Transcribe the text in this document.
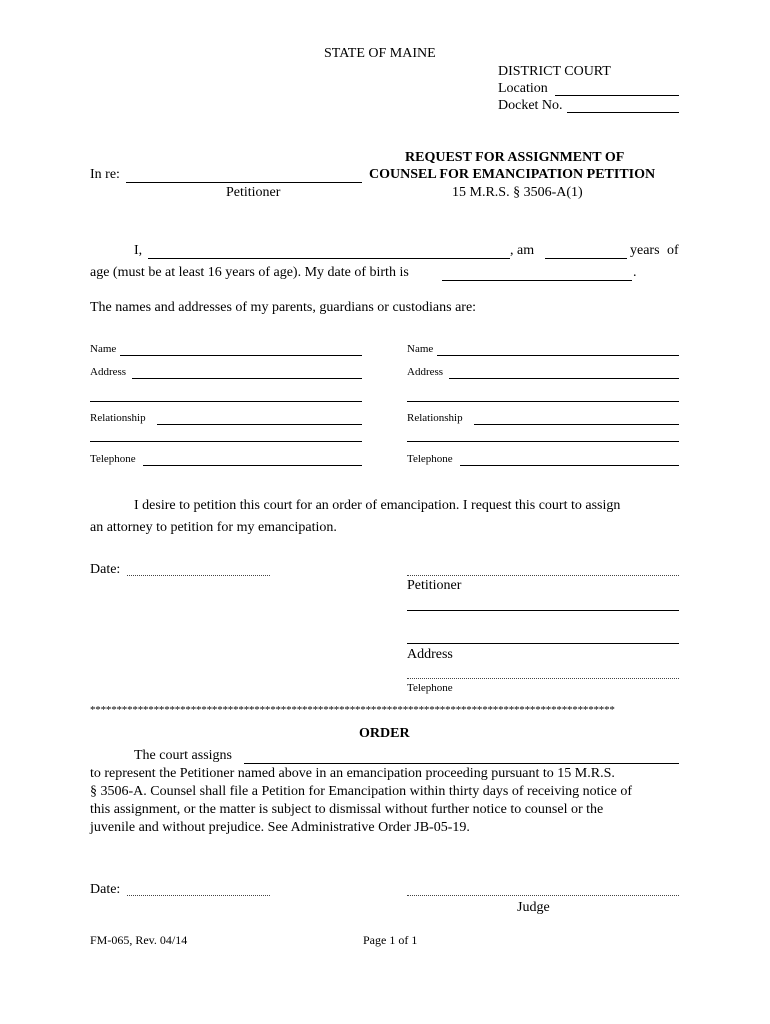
STATE OF MAINE
DISTRICT COURT
Location
Docket No.
In re:
Petitioner
REQUEST FOR ASSIGNMENT OF
COUNSEL FOR EMANCIPATION PETITION
15 M.R.S. § 3506-A(1)
I,	, am	years of
age (must be at least 16 years of age). My date of birth is	.
The names and addresses of my parents, guardians or custodians are:
Name
Address
Relationship
Telephone
Name
Address
Relationship
Telephone
I desire to petition this court for an order of emancipation. I request this court to assign
an attorney to petition for my emancipation.
Date:
Petitioner
Address
Telephone
***************************************************************************************************
ORDER
The court assigns
to represent the Petitioner named above in an emancipation proceeding pursuant to 15 M.R.S.
§ 3506-A. Counsel shall file a Petition for Emancipation within thirty days of receiving notice of
this assignment, or the matter is subject to dismissal without further notice to counsel or the
juvenile and without prejudice. See Administrative Order JB-05-19.
Date:
Judge
FM-065, Rev. 04/14	Page 1 of 1
